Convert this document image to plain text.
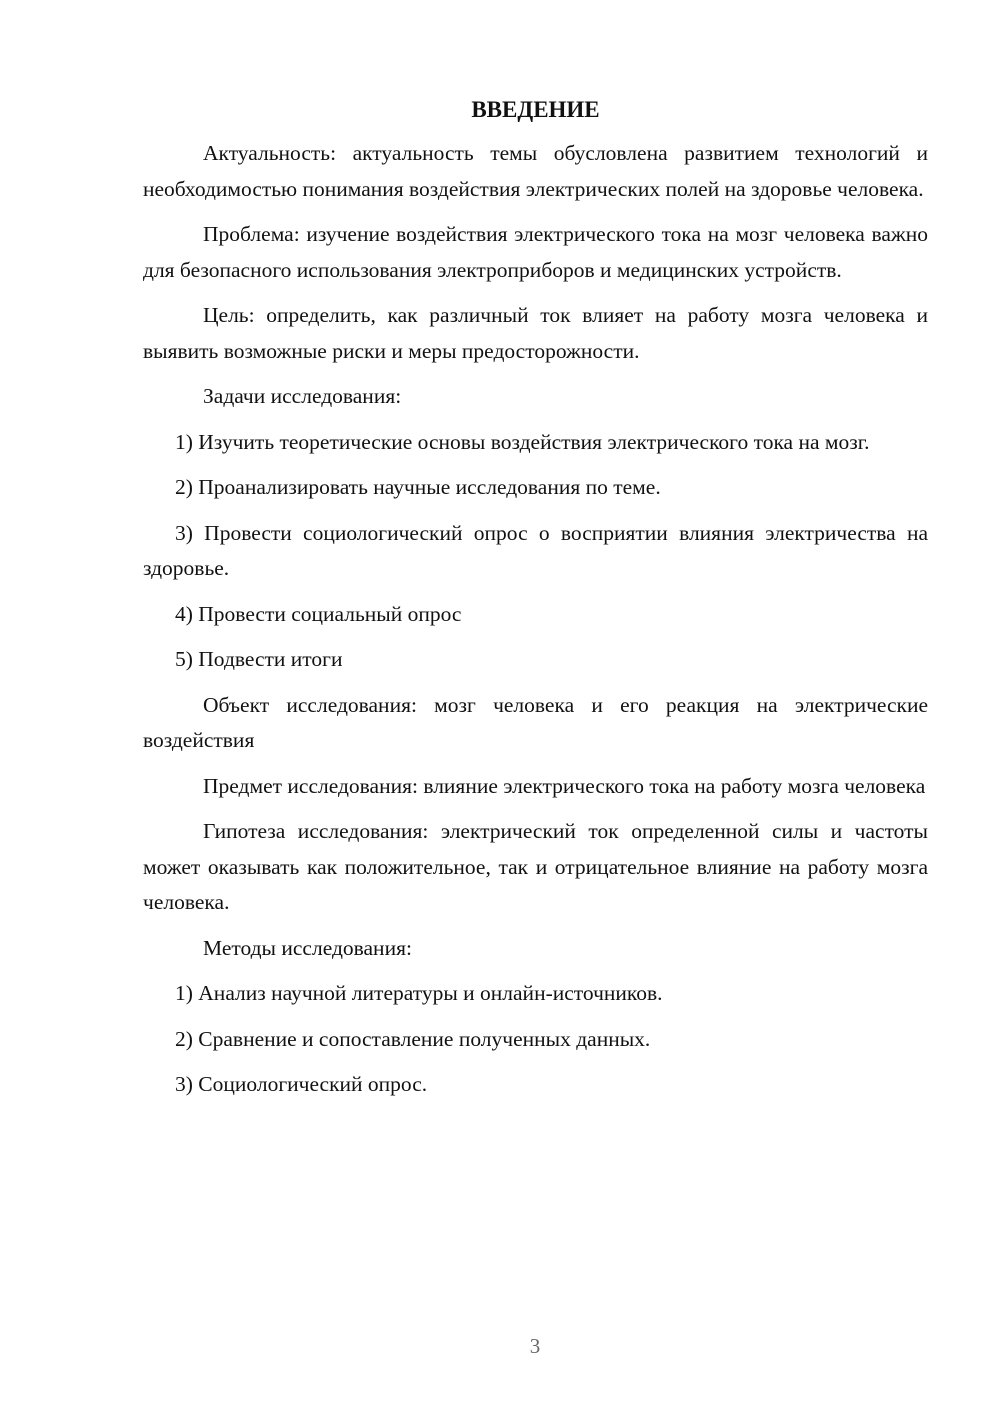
ВВЕДЕНИЕ

Актуальность: актуальность темы обусловлена развитием технологий и необходимостью понимания воздействия электрических полей на здоровье человека.

Проблема: изучение воздействия электрического тока на мозг человека важно для безопасного использования электроприборов и медицинских устройств.

Цель: определить, как различный ток влияет на работу мозга человека и выявить возможные риски и меры предосторожности.

Задачи исследования:

1) Изучить теоретические основы воздействия электрического тока на мозг.

2) Проанализировать научные исследования по теме.

3) Провести социологический опрос о восприятии влияния электричества на здоровье.

4) Провести социальный опрос

5) Подвести итоги

Объект исследования: мозг человека и его реакция на электрические воздействия

Предмет исследования: влияние электрического тока на работу мозга человека

Гипотеза исследования: электрический ток определенной силы и частоты может оказывать как положительное, так и отрицательное влияние на работу мозга человека.

Методы исследования:

1) Анализ научной литературы и онлайн-источников.

2) Сравнение и сопоставление полученных данных.

3) Социологический опрос.

3
